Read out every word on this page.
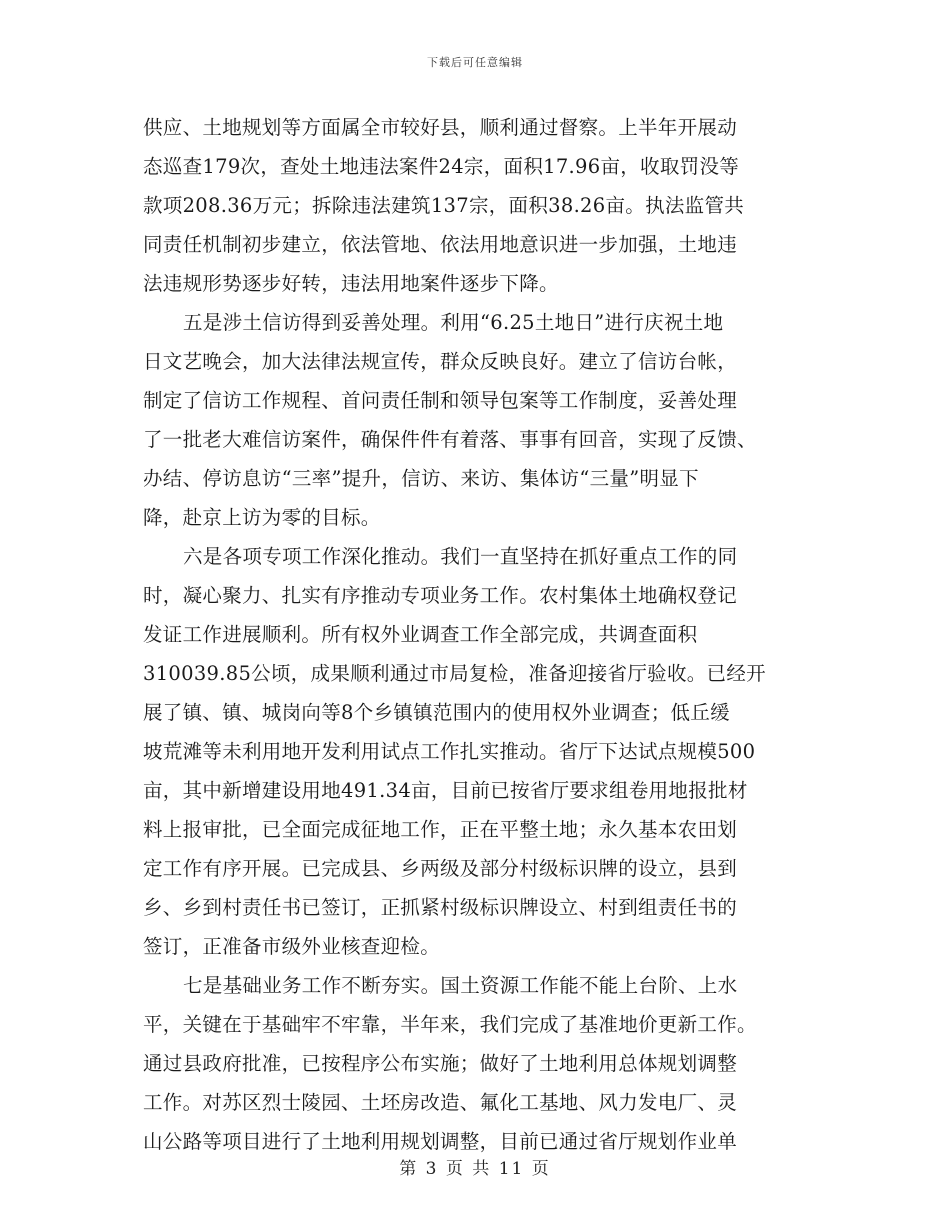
下载后可任意编辑
供应、土地规划等方面属全市较好县，顺利通过督察。上半年开展动
态巡查179次，查处土地违法案件24宗，面积17.96亩，收取罚没等
款项208.36万元；拆除违法建筑137宗，面积38.26亩。执法监管共
同责任机制初步建立，依法管地、依法用地意识进一步加强，土地违
法违规形势逐步好转，违法用地案件逐步下降。
五是涉土信访得到妥善处理。利用“6.25土地日”进行庆祝土地
日文艺晚会，加大法律法规宣传，群众反映良好。建立了信访台帐，
制定了信访工作规程、首问责任制和领导包案等工作制度，妥善处理
了一批老大难信访案件，确保件件有着落、事事有回音，实现了反馈、
办结、停访息访“三率”提升，信访、来访、集体访“三量”明显下
降，赴京上访为零的目标。
六是各项专项工作深化推动。我们一直坚持在抓好重点工作的同
时，凝心聚力、扎实有序推动专项业务工作。农村集体土地确权登记
发证工作进展顺利。所有权外业调查工作全部完成，共调查面积
310039.85公顷，成果顺利通过市局复检，准备迎接省厅验收。已经开
展了镇、镇、城岗向等8个乡镇镇范围内的使用权外业调查；低丘缓
坡荒滩等未利用地开发利用试点工作扎实推动。省厅下达试点规模500
亩，其中新增建设用地491.34亩，目前已按省厅要求组卷用地报批材
料上报审批，已全面完成征地工作，正在平整土地；永久基本农田划
定工作有序开展。已完成县、乡两级及部分村级标识牌的设立，县到
乡、乡到村责任书已签订，正抓紧村级标识牌设立、村到组责任书的
签订，正准备市级外业核查迎检。
七是基础业务工作不断夯实。国土资源工作能不能上台阶、上水
平，关键在于基础牢不牢靠，半年来，我们完成了基准地价更新工作。
通过县政府批准，已按程序公布实施；做好了土地利用总体规划调整
工作。对苏区烈士陵园、土坯房改造、氟化工基地、风力发电厂、灵
山公路等项目进行了土地利用规划调整，目前已通过省厅规划作业单
第 3 页 共 11 页
